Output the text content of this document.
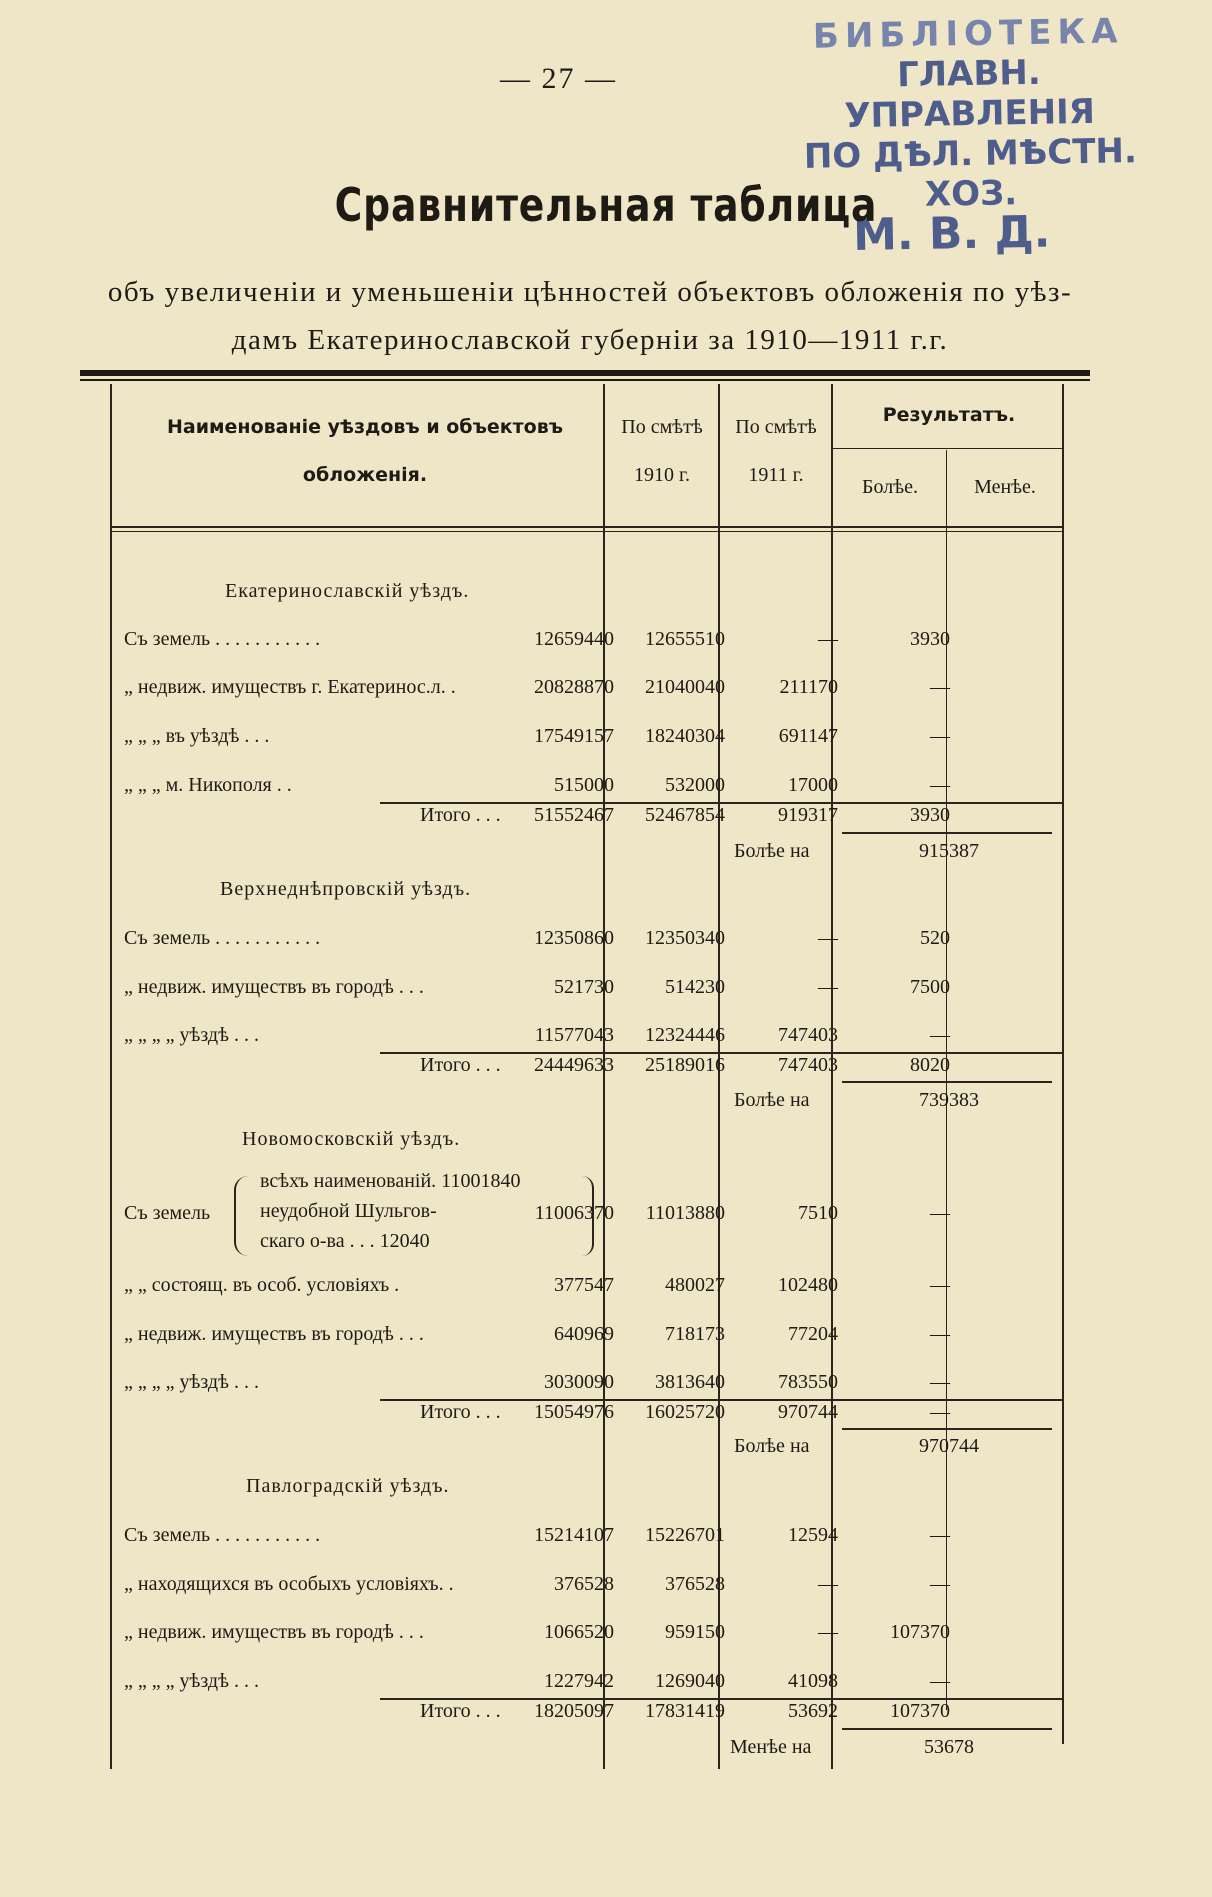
— 27 —
БИБЛІОТЕКА
ГЛАВН. УПРАВЛЕНІЯ
ПО ДѢЛ. МѢСТН. ХОЗ.
М. В. Д.
Сравнительная таблица
объ увеличеніи и уменьшеніи цѣнностей объектовъ обложенія по уѣз-
дамъ Екатеринославской губерніи за 1910—1911 г.г.
Наименованіе уѣздовъ и объектовъ
обложенія.
По смѣтѣ
1910 г.
По смѣтѣ
1911 г.
Результатъ.
Болѣе.	Менѣе.
Екатеринославскій уѣздъ.
Съ земель . . . . . . . . . . .	12659440	12655510	—	3930
„ недвиж. имуществъ г. Екатеринос.л. .	20828870	21040040	211170	—
„ „ „ въ уѣздѣ . . .	17549157	18240304	691147	—
„ „ „ м. Никополя . .	515000	532000	17000	—
Итого . . .	51552467	52467854	919317	3930
Болѣе на	915387
Верхнеднѣпровскій уѣздъ.
Съ земель . . . . . . . . . . .	12350860	12350340	—	520
„ недвиж. имуществъ въ городѣ . . .	521730	514230	—	7500
„ „ „ „ уѣздѣ . . .	11577043	12324446	747403	—
Итого . . .	24449633	25189016	747403	8020
Болѣе на	739383
Новомосковскій уѣздъ.
Съ земель
всѣхъ наименованій. 11001840
неудобной Шульгов-
скаго о-ва . . . 12040
11006370	11013880	7510	—
„ „ состоящ. въ особ. условіяхъ .	377547	480027	102480	—
„ недвиж. имуществъ въ городѣ . . .	640969	718173	77204	—
„ „ „ „ уѣздѣ . . .	3030090	3813640	783550	—
Итого . . .	15054976	16025720	970744	—
Болѣе на	970744
Павлоградскій уѣздъ.
Съ земель . . . . . . . . . . .	15214107	15226701	12594	—
„ находящихся въ особыхъ условіяхъ. .	376528	376528	—	—
„ недвиж. имуществъ въ городѣ . . .	1066520	959150	—	107370
„ „ „ „ уѣздѣ . . .	1227942	1269040	41098	—
Итого . . .	18205097	17831419	53692	107370
Менѣе на	53678
